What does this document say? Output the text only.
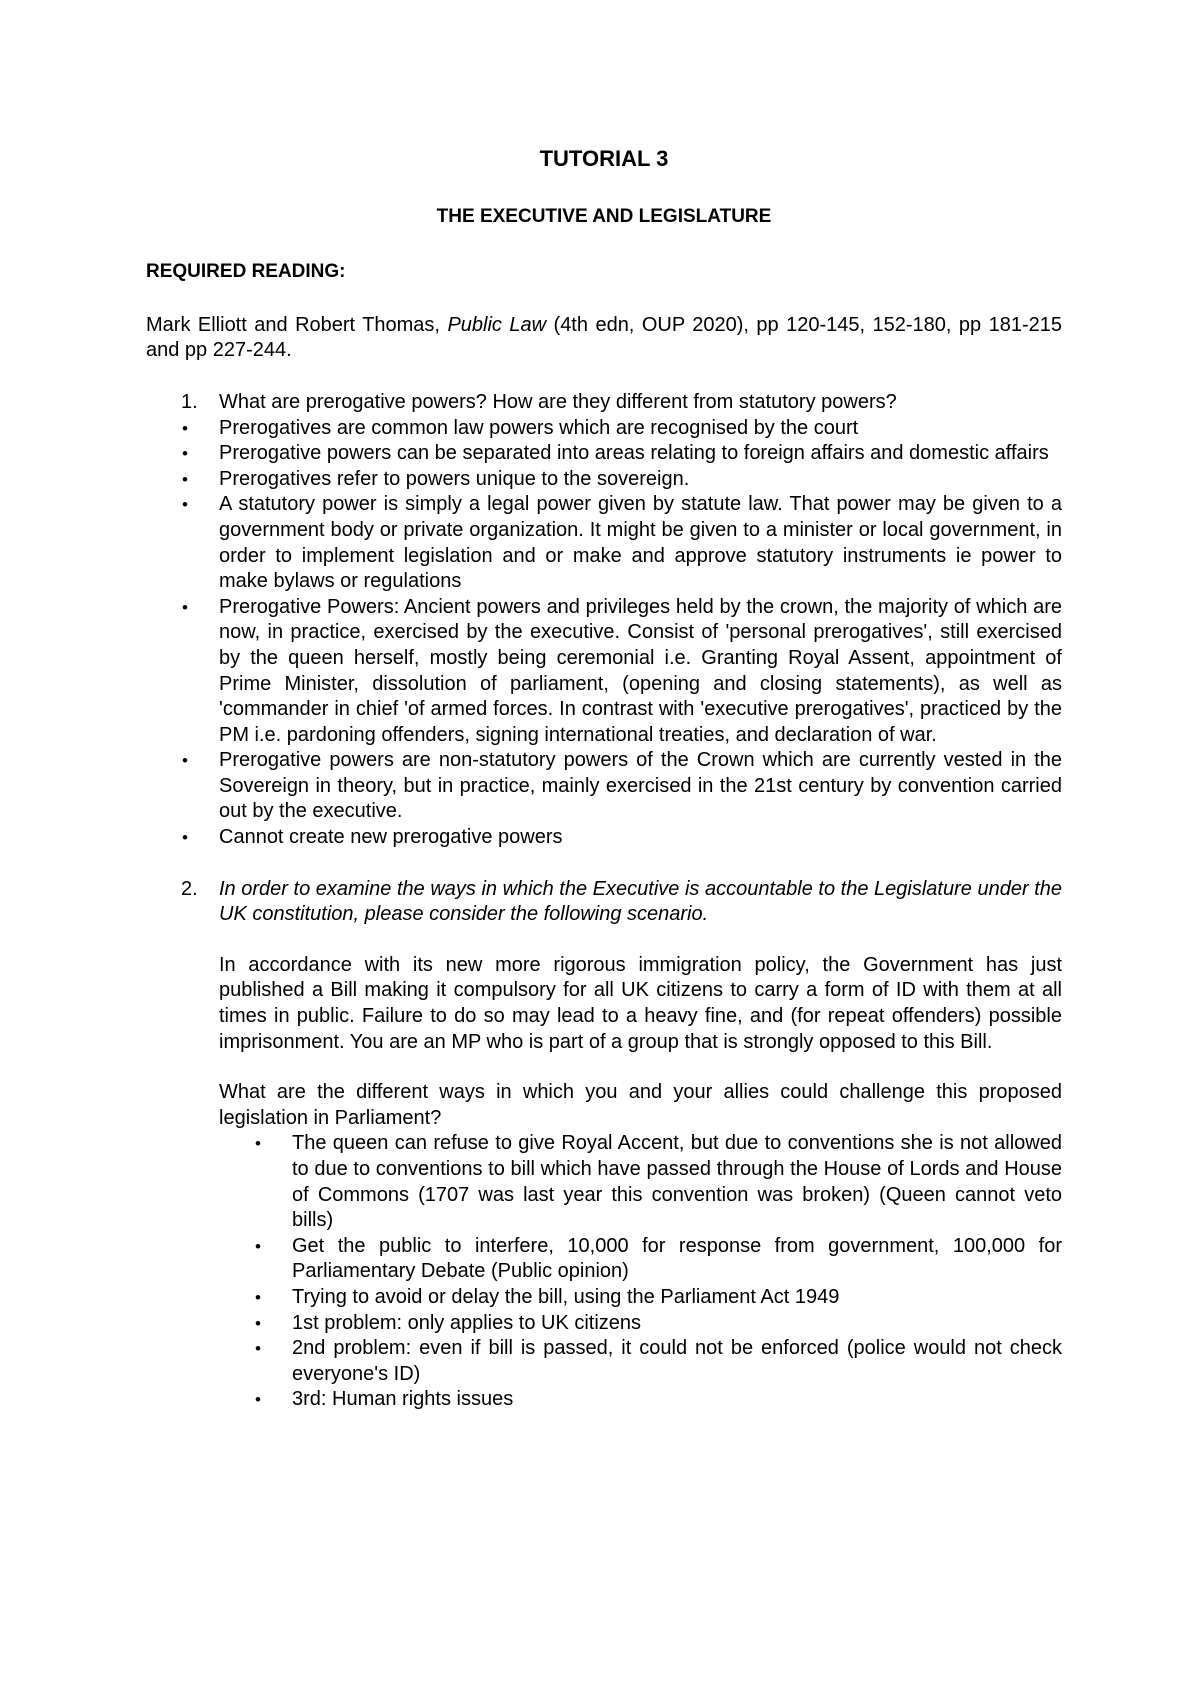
TUTORIAL 3
THE EXECUTIVE AND LEGISLATURE
REQUIRED READING:
Mark Elliott and Robert Thomas, Public Law (4th edn, OUP 2020), pp 120-145, 152-180, pp 181-215 and pp 227-244.
1. What are prerogative powers? How are they different from statutory powers?
• Prerogatives are common law powers which are recognised by the court
• Prerogative powers can be separated into areas relating to foreign affairs and domestic affairs
• Prerogatives refer to powers unique to the sovereign.
• A statutory power is simply a legal power given by statute law. That power may be given to a government body or private organization. It might be given to a minister or local government, in order to implement legislation and or make and approve statutory instruments ie power to make bylaws or regulations
• Prerogative Powers: Ancient powers and privileges held by the crown, the majority of which are now, in practice, exercised by the executive. Consist of 'personal prerogatives', still exercised by the queen herself, mostly being ceremonial i.e. Granting Royal Assent, appointment of Prime Minister, dissolution of parliament, (opening and closing statements), as well as 'commander in chief 'of armed forces. In contrast with 'executive prerogatives', practiced by the PM i.e. pardoning offenders, signing international treaties, and declaration of war.
• Prerogative powers are non-statutory powers of the Crown which are currently vested in the Sovereign in theory, but in practice, mainly exercised in the 21st century by convention carried out by the executive.
• Cannot create new prerogative powers
2. In order to examine the ways in which the Executive is accountable to the Legislature under the UK constitution, please consider the following scenario.
In accordance with its new more rigorous immigration policy, the Government has just published a Bill making it compulsory for all UK citizens to carry a form of ID with them at all times in public. Failure to do so may lead to a heavy fine, and (for repeat offenders) possible imprisonment. You are an MP who is part of a group that is strongly opposed to this Bill.
What are the different ways in which you and your allies could challenge this proposed legislation in Parliament?
• The queen can refuse to give Royal Accent, but due to conventions she is not allowed to due to conventions to bill which have passed through the House of Lords and House of Commons (1707 was last year this convention was broken) (Queen cannot veto bills)
• Get the public to interfere, 10,000 for response from government, 100,000 for Parliamentary Debate (Public opinion)
• Trying to avoid or delay the bill, using the Parliament Act 1949
• 1st problem: only applies to UK citizens
• 2nd problem: even if bill is passed, it could not be enforced (police would not check everyone's ID)
• 3rd: Human rights issues
